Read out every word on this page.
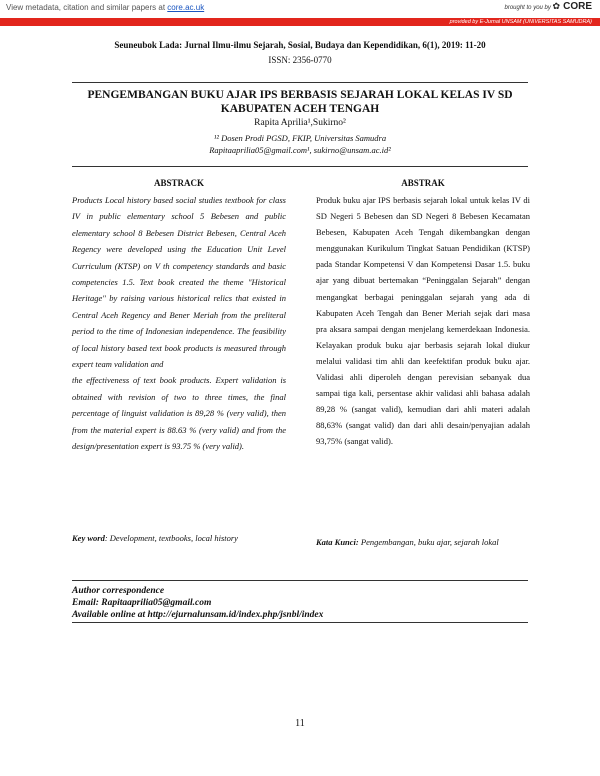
View metadata, citation and similar papers at core.ac.uk	brought to you by ✿ CORE
provided by E-Jurnal UNSAM (UNIVERSITAS SAMUDRA)
Seuneubok Lada: Jurnal Ilmu-ilmu Sejarah, Sosial, Budaya dan Kependidikan, 6(1), 2019: 11-20
ISSN: 2356-0770
PENGEMBANGAN BUKU AJAR IPS BERBASIS SEJARAH LOKAL KELAS IV SD
KABUPATEN ACEH TENGAH
Rapita Aprilia¹,Sukirno²
¹² Dosen Prodi PGSD, FKIP, Universitas Samudra
Rapitaaprilia05@gmail.com¹, sukirno@unsam.ac.id²
ABSTRACK	ABSTRAK

Products Local history based social studies textbook for class IV in public elementary school 5 Bebesen and public elementary school 8 Bebesen District Bebesen, Central Aceh Regency were developed using the Education Unit Level Curriculum (KTSP) on V th competency standards and basic competencies 1.5. Text book created the theme "Historical Heritage" by raising various historical relics that existed in Central Aceh Regency and Bener Meriah from the preliteral period to the time of Indonesian independence. The feasibility of local history based text book products is measured through expert team validation and

the effectiveness of text book products. Expert validation is obtained with revision of two to three times, the final percentage of linguist validation is 89,28 % (very valid), then from the material expert is 88.63 % (very valid) and from the design/presentation expert is 93.75 % (very valid).

Key word: Development, textbooks, local history
Produk buku ajar IPS berbasis sejarah lokal untuk kelas IV di SD Negeri 5 Bebesen dan SD Negeri 8 Bebesen Kecamatan Bebesen, Kabupaten Aceh Tengah dikembangkan dengan menggunakan Kurikulum Tingkat Satuan Pendidikan (KTSP) pada Standar Kompetensi V dan Kompetensi Dasar 1.5. buku ajar yang dibuat bertemakan “Peninggalan Sejarah” dengan mengangkat berbagai peninggalan sejarah yang ada di Kabupaten Aceh Tengah dan Bener Meriah sejak dari masa pra aksara sampai dengan menjelang kemerdekaan Indonesia. Kelayakan produk buku ajar berbasis sejarah lokal diukur melalui validasi tim ahli dan keefektifan produk buku ajar. Validasi ahli diperoleh dengan perevisian sebanyak dua sampai tiga kali, persentase akhir validasi ahli bahasa adalah 89,28 % (sangat valid), kemudian dari ahli materi adalah 88,63% (sangat valid) dan dari ahli desain/penyajian adalah 93,75% (sangat valid).
Kata Kunci: Pengembangan, buku ajar, sejarah lokal
Author correspondence
Email: Rapitaaprilia05@gmail.com
Available online at http://ejurnalunsam.id/index.php/jsnbl/index
11
